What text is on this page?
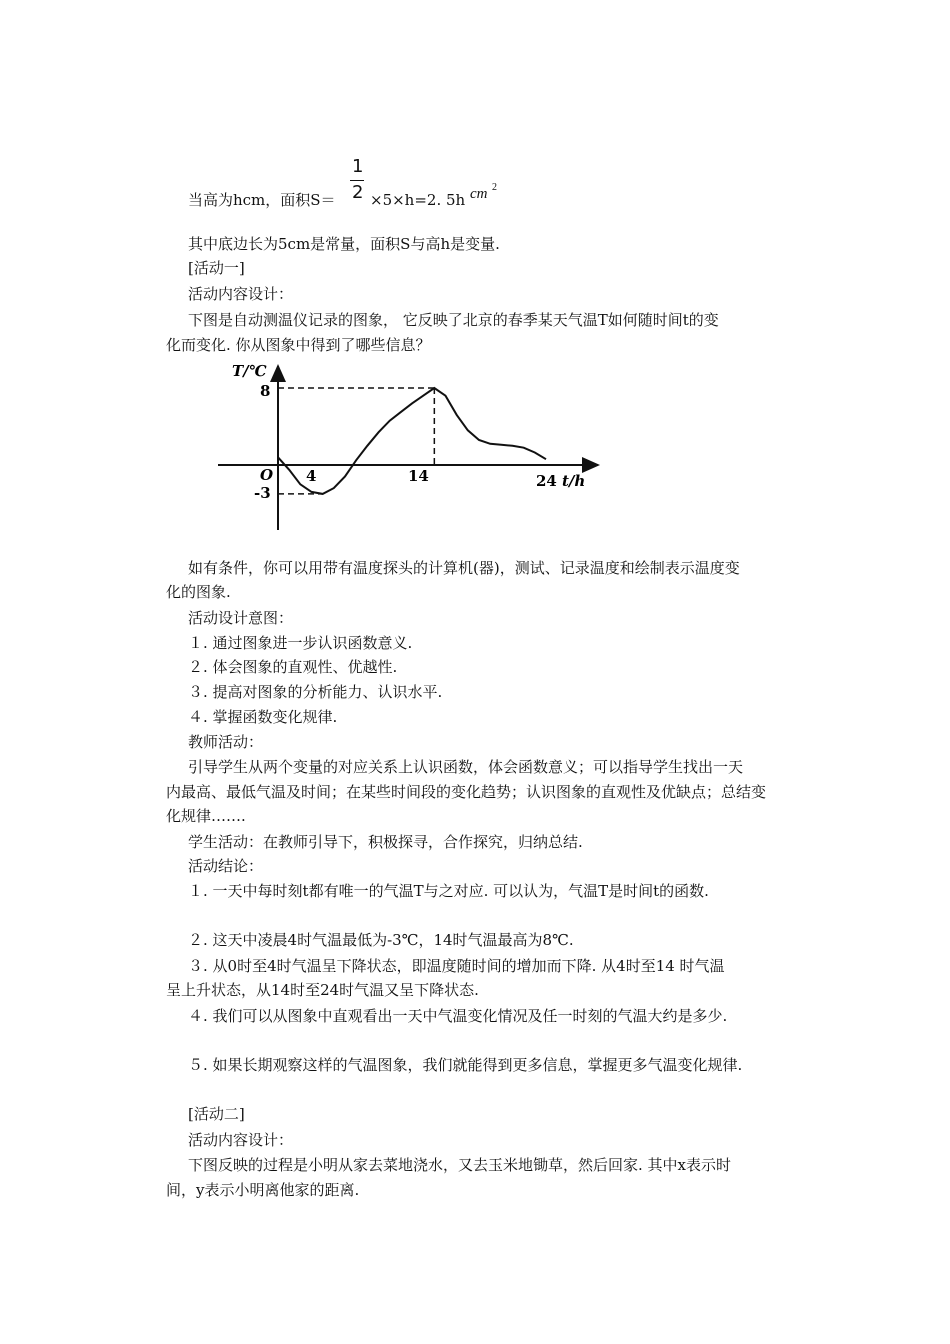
当高为hcm，面积S＝
1
2 ×5×h=2. 5h cm 2
其中底边长为5cm是常量，面积S与高h是变量.
[活动一]
活动内容设计：
下图是自动测温仪记录的图象， 它反映了北京的春季某天气温T如何随时间t的变
化而变化. 你从图象中得到了哪些信息？
T/℃
t/h
O
8
-3
4	14	24
如有条件，你可以用带有温度探头的计算机(器)，测试、记录温度和绘制表示温度变
化的图象.
活动设计意图：
１. 通过图象进一步认识函数意义.
２. 体会图象的直观性、优越性.
３. 提高对图象的分析能力、认识水平.
４. 掌握函数变化规律.
教师活动：
引导学生从两个变量的对应关系上认识函数，体会函数意义；可以指导学生找出一天
内最高、最低气温及时间；在某些时间段的变化趋势；认识图象的直观性及优缺点；总结变
化规律…….
学生活动：在教师引导下，积极探寻，合作探究，归纳总结.
活动结论：
１. 一天中每时刻t都有唯一的气温T与之对应. 可以认为，气温T是时间t的函数.
２. 这天中凌晨4时气温最低为-3℃，14时气温最高为8℃.
３. 从0时至4时气温呈下降状态，即温度随时间的增加而下降. 从4时至14 时气温
呈上升状态，从14时至24时气温又呈下降状态.
４. 我们可以从图象中直观看出一天中气温变化情况及任一时刻的气温大约是多少.
５. 如果长期观察这样的气温图象，我们就能得到更多信息，掌握更多气温变化规律.
[活动二]
活动内容设计：
下图反映的过程是小明从家去菜地浇水，又去玉米地锄草，然后回家. 其中x表示时
间，y表示小明离他家的距离.
